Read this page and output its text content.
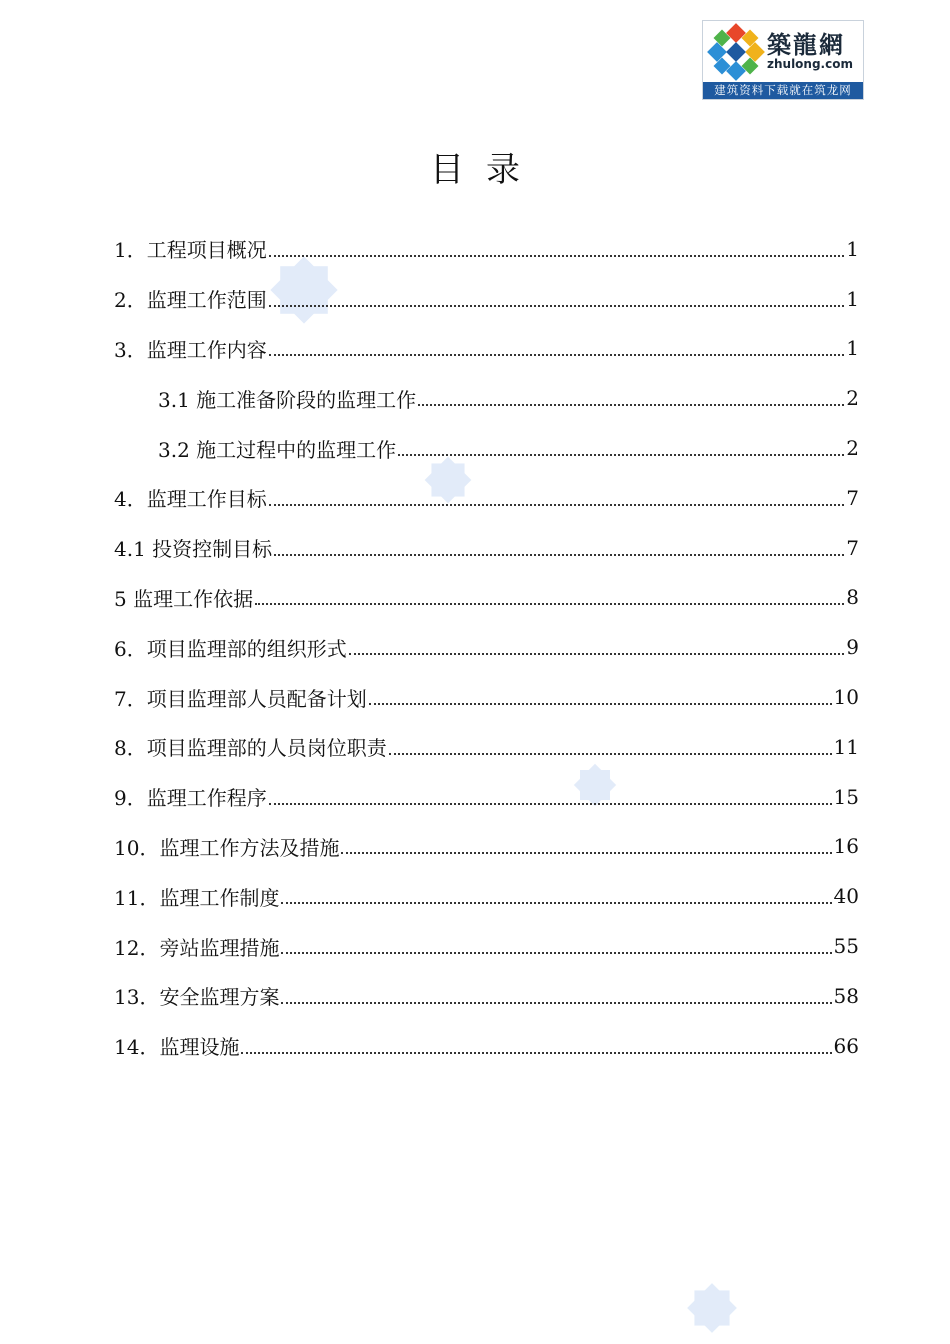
築龍網
zhulong.com
建筑资料下载就在筑龙网
目录
1．工程项目概况	1
2．监理工作范围	1
3．监理工作内容	1
3.1 施工准备阶段的监理工作	2
3.2 施工过程中的监理工作	2
4．监理工作目标	7
4.1 投资控制目标	7
5 监理工作依据	8
6．项目监理部的组织形式	9
7．项目监理部人员配备计划	10
8．项目监理部的人员岗位职责	11
9．监理工作程序	15
10．监理工作方法及措施	16
11．监理工作制度	40
12．旁站监理措施	55
13．安全监理方案	58
14．监理设施	66
